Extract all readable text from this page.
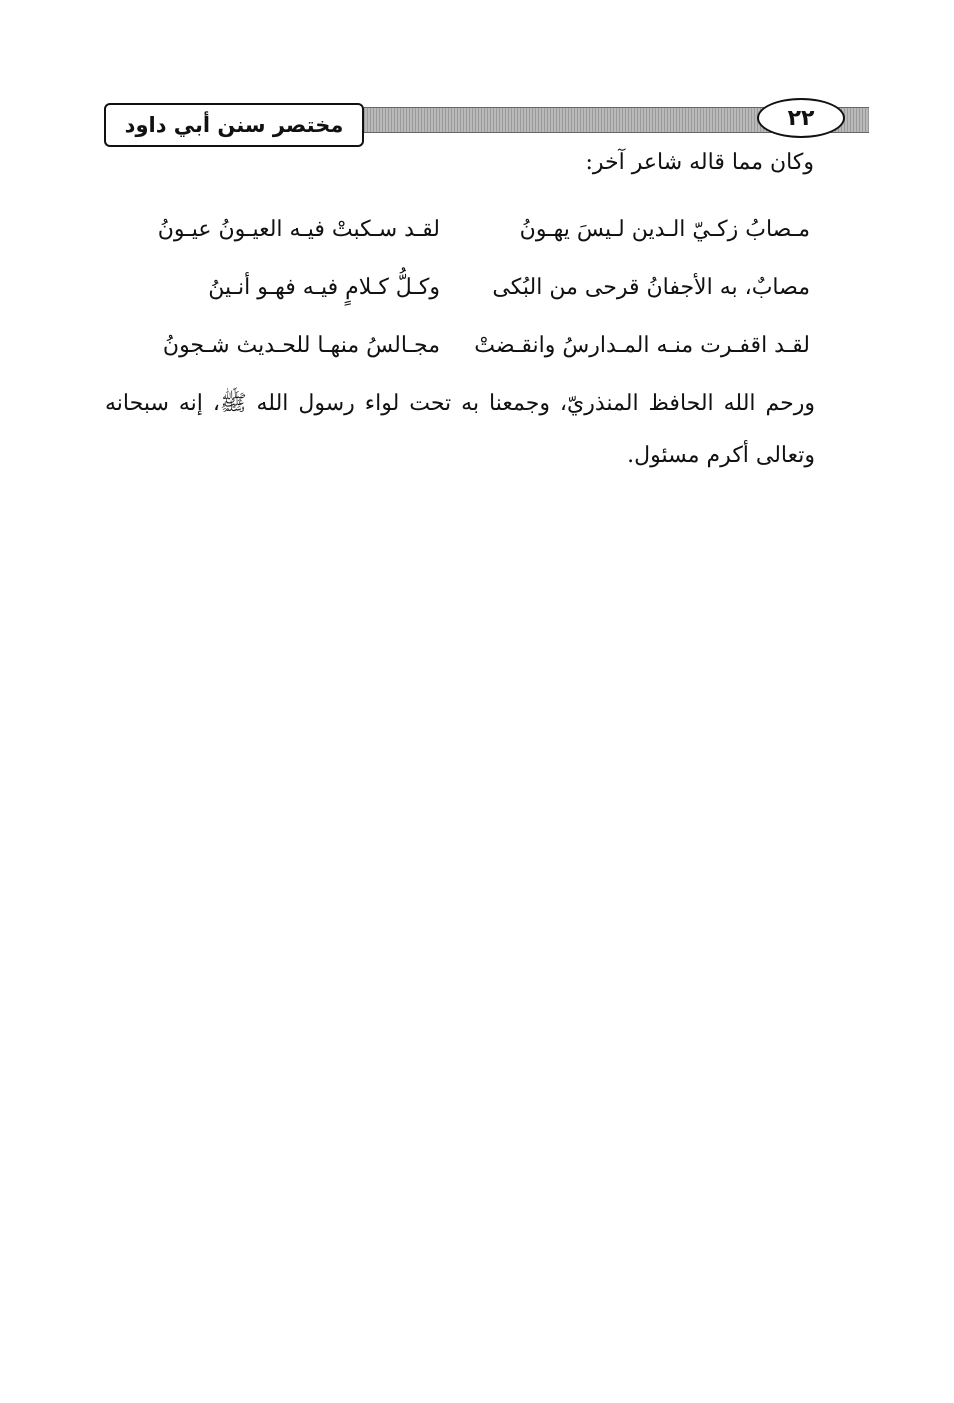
مختصر سنن أبي داود	٢٢
وكان مما قاله شاعر آخر:
مـصابُ زكـيّ الـدين لـيسَ يهـونُ
لقـد سـكبتْ فيـه العيـونُ عيـونُ
مصابٌ، به الأجفانُ قرحى من البُكى
وكـلُّ كـلامٍ فيـه فهـو أنـينُ
لقـد اقفـرت منـه المـدارسُ وانقـضتْ
مجـالسُ منهـا للحـديث شـجونُ
ورحم الله الحافظ المنذريّ، وجمعنا به تحت لواء رسول الله ﷺ، إنه سبحانه وتعالى أكرم مسئول.
